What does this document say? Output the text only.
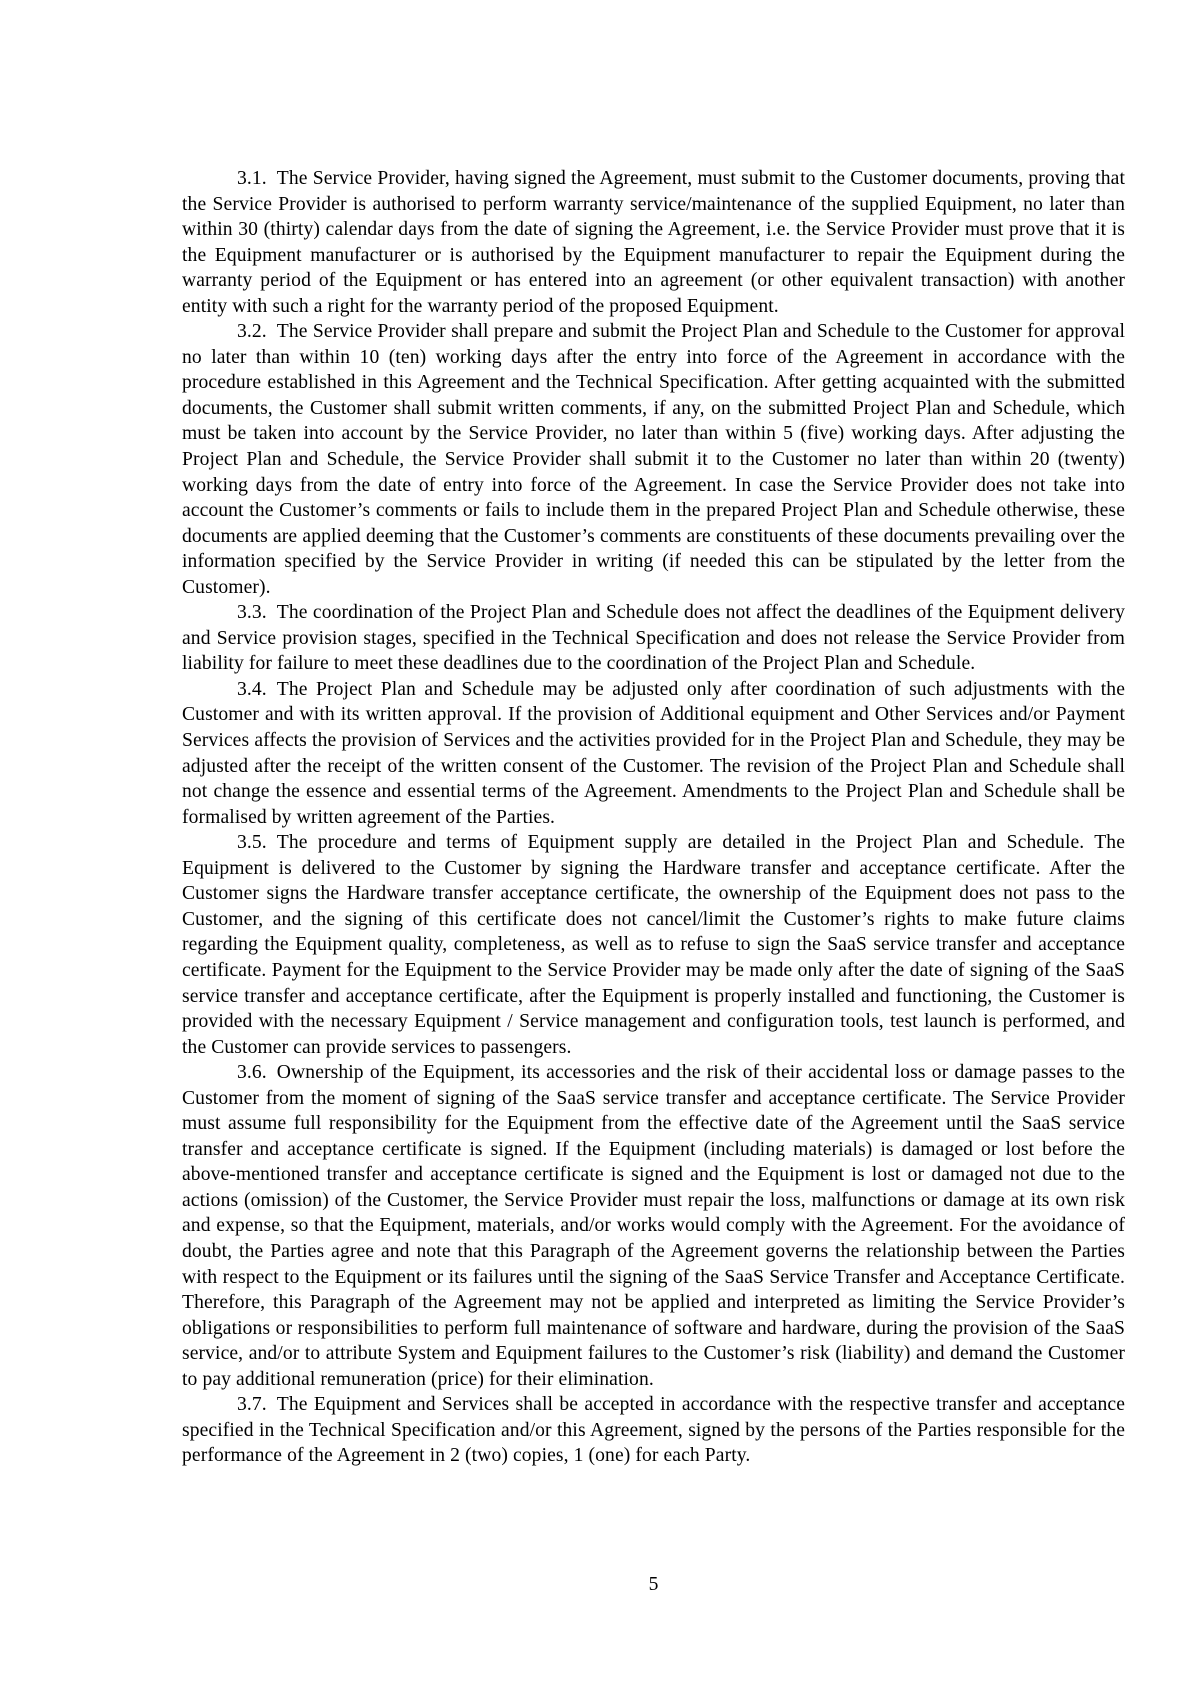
3.1. The Service Provider, having signed the Agreement, must submit to the Customer documents, proving that the Service Provider is authorised to perform warranty service/maintenance of the supplied Equipment, no later than within 30 (thirty) calendar days from the date of signing the Agreement, i.e. the Service Provider must prove that it is the Equipment manufacturer or is authorised by the Equipment manufacturer to repair the Equipment during the warranty period of the Equipment or has entered into an agreement (or other equivalent transaction) with another entity with such a right for the warranty period of the proposed Equipment.

3.2. The Service Provider shall prepare and submit the Project Plan and Schedule to the Customer for approval no later than within 10 (ten) working days after the entry into force of the Agreement in accordance with the procedure established in this Agreement and the Technical Specification. After getting acquainted with the submitted documents, the Customer shall submit written comments, if any, on the submitted Project Plan and Schedule, which must be taken into account by the Service Provider, no later than within 5 (five) working days. After adjusting the Project Plan and Schedule, the Service Provider shall submit it to the Customer no later than within 20 (twenty) working days from the date of entry into force of the Agreement. In case the Service Provider does not take into account the Customer’s comments or fails to include them in the prepared Project Plan and Schedule otherwise, these documents are applied deeming that the Customer’s comments are constituents of these documents prevailing over the information specified by the Service Provider in writing (if needed this can be stipulated by the letter from the Customer).

3.3. The coordination of the Project Plan and Schedule does not affect the deadlines of the Equipment delivery and Service provision stages, specified in the Technical Specification and does not release the Service Provider from liability for failure to meet these deadlines due to the coordination of the Project Plan and Schedule.

3.4. The Project Plan and Schedule may be adjusted only after coordination of such adjustments with the Customer and with its written approval. If the provision of Additional equipment and Other Services and/or Payment Services affects the provision of Services and the activities provided for in the Project Plan and Schedule, they may be adjusted after the receipt of the written consent of the Customer. The revision of the Project Plan and Schedule shall not change the essence and essential terms of the Agreement. Amendments to the Project Plan and Schedule shall be formalised by written agreement of the Parties.

3.5. The procedure and terms of Equipment supply are detailed in the Project Plan and Schedule. The Equipment is delivered to the Customer by signing the Hardware transfer and acceptance certificate. After the Customer signs the Hardware transfer acceptance certificate, the ownership of the Equipment does not pass to the Customer, and the signing of this certificate does not cancel/limit the Customer’s rights to make future claims regarding the Equipment quality, completeness, as well as to refuse to sign the SaaS service transfer and acceptance certificate. Payment for the Equipment to the Service Provider may be made only after the date of signing of the SaaS service transfer and acceptance certificate, after the Equipment is properly installed and functioning, the Customer is provided with the necessary Equipment / Service management and configuration tools, test launch is performed, and the Customer can provide services to passengers.

3.6. Ownership of the Equipment, its accessories and the risk of their accidental loss or damage passes to the Customer from the moment of signing of the SaaS service transfer and acceptance certificate. The Service Provider must assume full responsibility for the Equipment from the effective date of the Agreement until the SaaS service transfer and acceptance certificate is signed. If the Equipment (including materials) is damaged or lost before the above-mentioned transfer and acceptance certificate is signed and the Equipment is lost or damaged not due to the actions (omission) of the Customer, the Service Provider must repair the loss, malfunctions or damage at its own risk and expense, so that the Equipment, materials, and/or works would comply with the Agreement. For the avoidance of doubt, the Parties agree and note that this Paragraph of the Agreement governs the relationship between the Parties with respect to the Equipment or its failures until the signing of the SaaS Service Transfer and Acceptance Certificate. Therefore, this Paragraph of the Agreement may not be applied and interpreted as limiting the Service Provider’s obligations or responsibilities to perform full maintenance of software and hardware, during the provision of the SaaS service, and/or to attribute System and Equipment failures to the Customer’s risk (liability) and demand the Customer to pay additional remuneration (price) for their elimination.

3.7. The Equipment and Services shall be accepted in accordance with the respective transfer and acceptance specified in the Technical Specification and/or this Agreement, signed by the persons of the Parties responsible for the performance of the Agreement in 2 (two) copies, 1 (one) for each Party.

5
